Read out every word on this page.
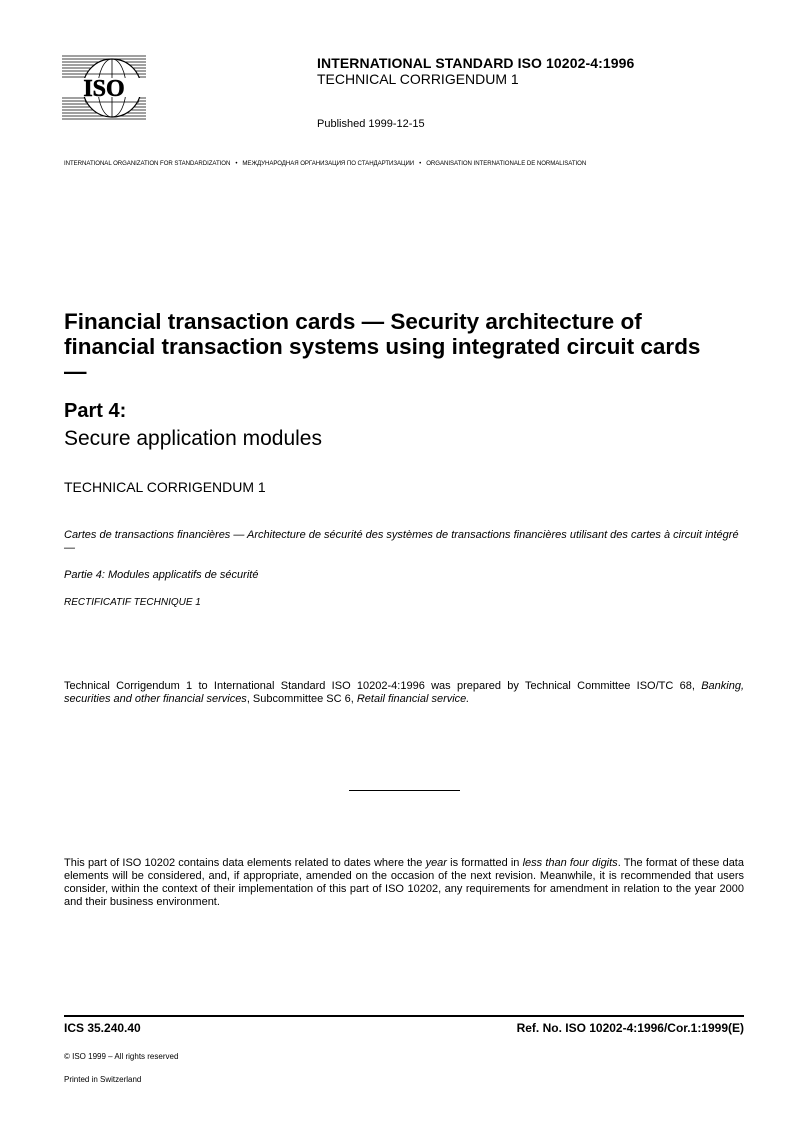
ISO
INTERNATIONAL STANDARD ISO 10202-4:1996
TECHNICAL CORRIGENDUM 1
Published 1999-12-15
INTERNATIONAL ORGANIZATION FOR STANDARDIZATION • МЕЖДУНАРОДНАЯ ОРГАНИЗАЦИЯ ПО СТАНДАРТИЗАЦИИ • ORGANISATION INTERNATIONALE DE NORMALISATION
Financial transaction cards — Security architecture of financial transaction systems using integrated circuit cards —
Part 4:
Secure application modules
TECHNICAL CORRIGENDUM 1
Cartes de transactions financières — Architecture de sécurité des systèmes de transactions financières utilisant des cartes à circuit intégré —
Partie 4: Modules applicatifs de sécurité
RECTIFICATIF TECHNIQUE 1
Technical Corrigendum 1 to International Standard ISO 10202-4:1996 was prepared by Technical Committee ISO/TC 68, Banking, securities and other financial services, Subcommittee SC 6, Retail financial service.
This part of ISO 10202 contains data elements related to dates where the year is formatted in less than four digits. The format of these data elements will be considered, and, if appropriate, amended on the occasion of the next revision. Meanwhile, it is recommended that users consider, within the context of their implementation of this part of ISO 10202, any requirements for amendment in relation to the year 2000 and their business environment.
ICS 35.240.40	Ref. No. ISO 10202-4:1996/Cor.1:1999(E)
© ISO 1999 – All rights reserved
Printed in Switzerland
